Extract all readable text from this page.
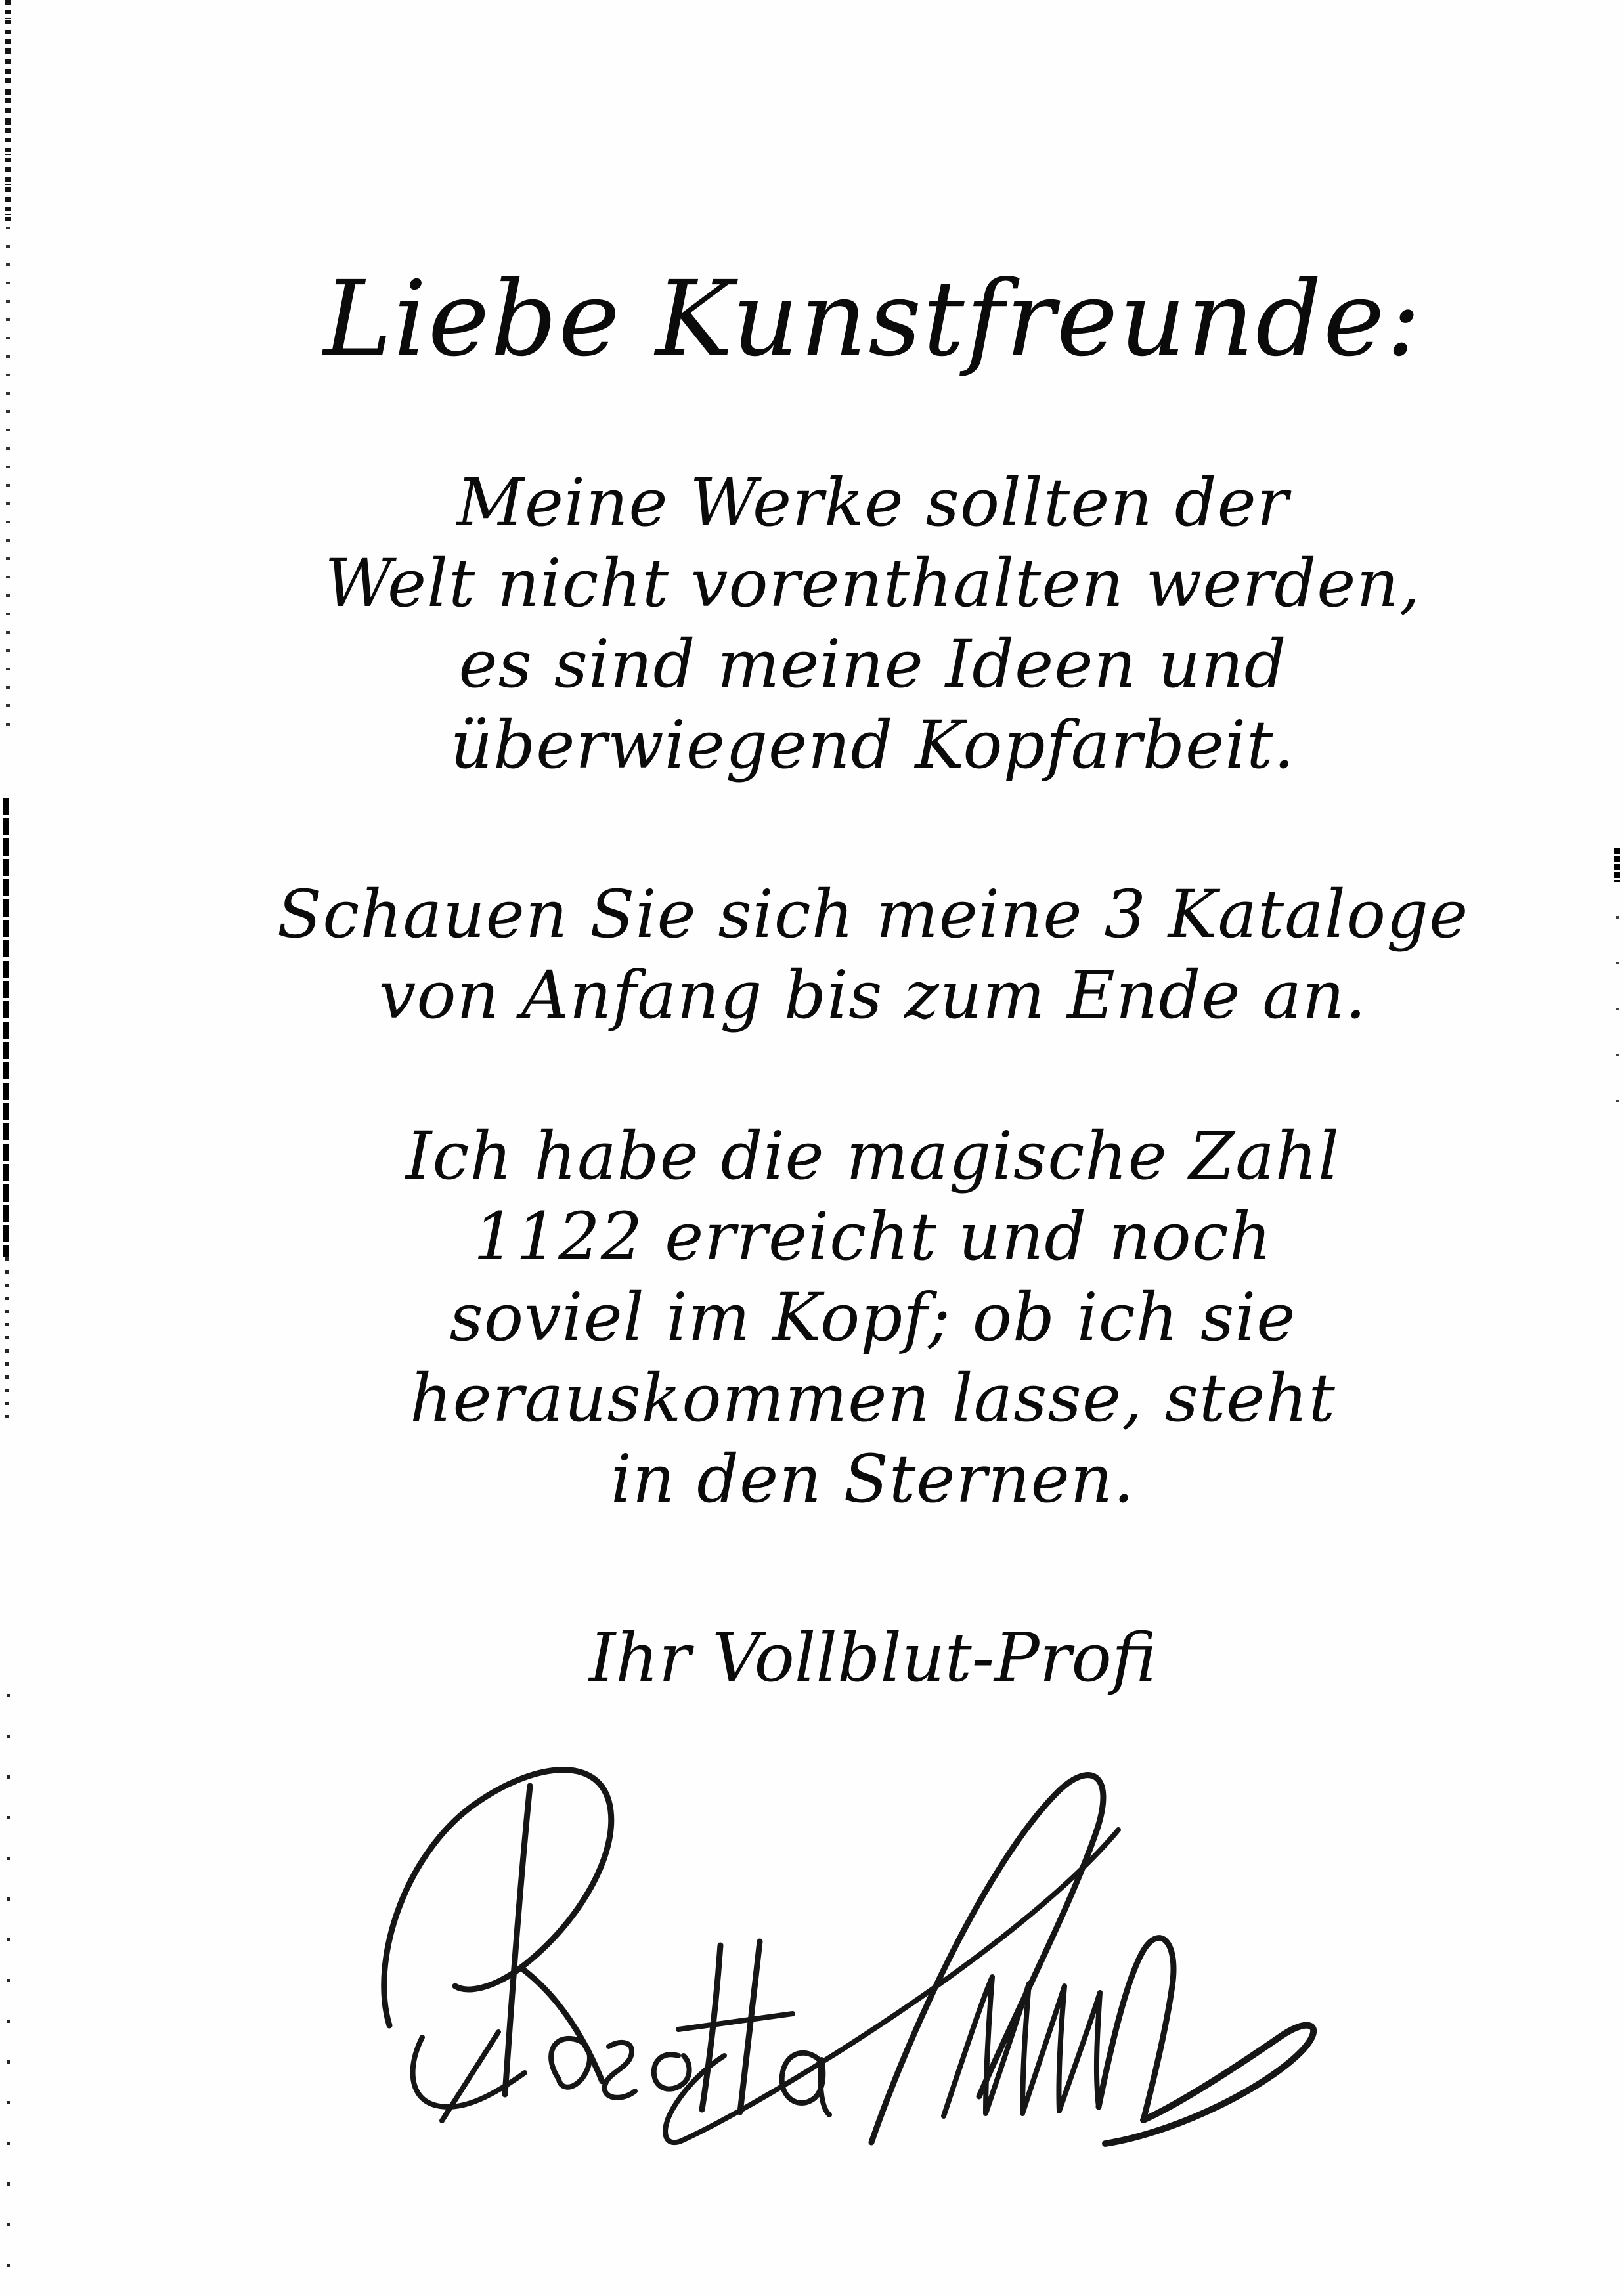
Liebe Kunstfreunde:
Meine Werke sollten der
Welt nicht vorenthalten werden,
es sind meine Ideen und
überwiegend Kopfarbeit.
Schauen Sie sich meine 3 Kataloge
von Anfang bis zum Ende an.
Ich habe die magische Zahl
1122 erreicht und noch
soviel im Kopf; ob ich sie
herauskommen lasse, steht
in den Sternen.
Ihr Vollblut-Profi
